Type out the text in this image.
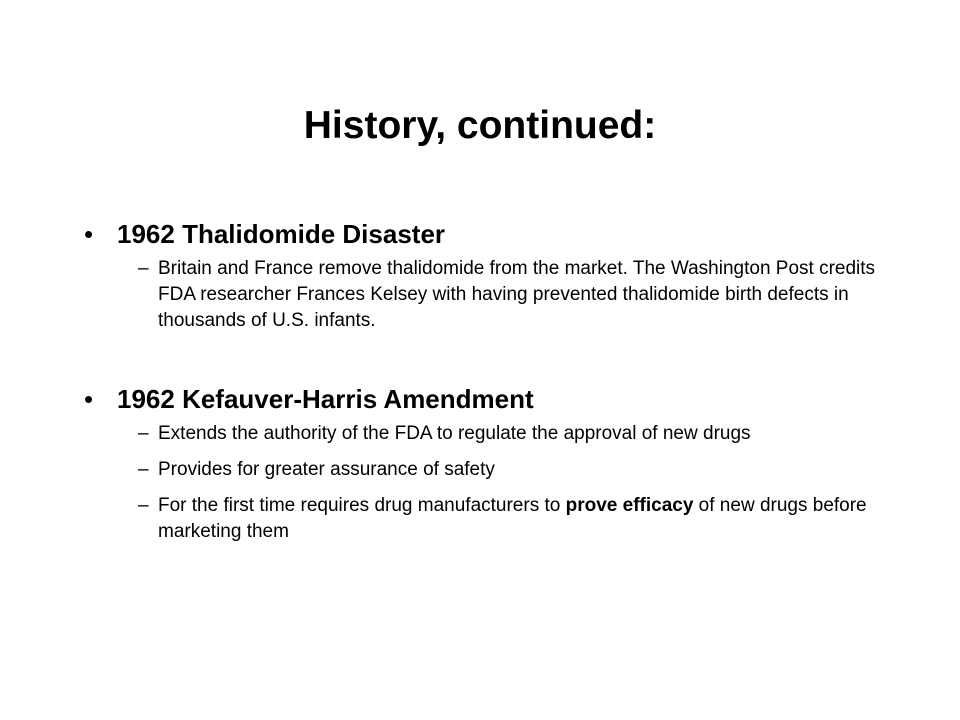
History, continued:
• 1962 Thalidomide Disaster
– Britain and France remove thalidomide from the market. The Washington Post credits FDA researcher Frances Kelsey with having prevented thalidomide birth defects in thousands of U.S. infants.
• 1962 Kefauver-Harris Amendment
– Extends the authority of the FDA to regulate the approval of new drugs
– Provides for greater assurance of safety
– For the first time requires drug manufacturers to prove efficacy of new drugs before marketing them
